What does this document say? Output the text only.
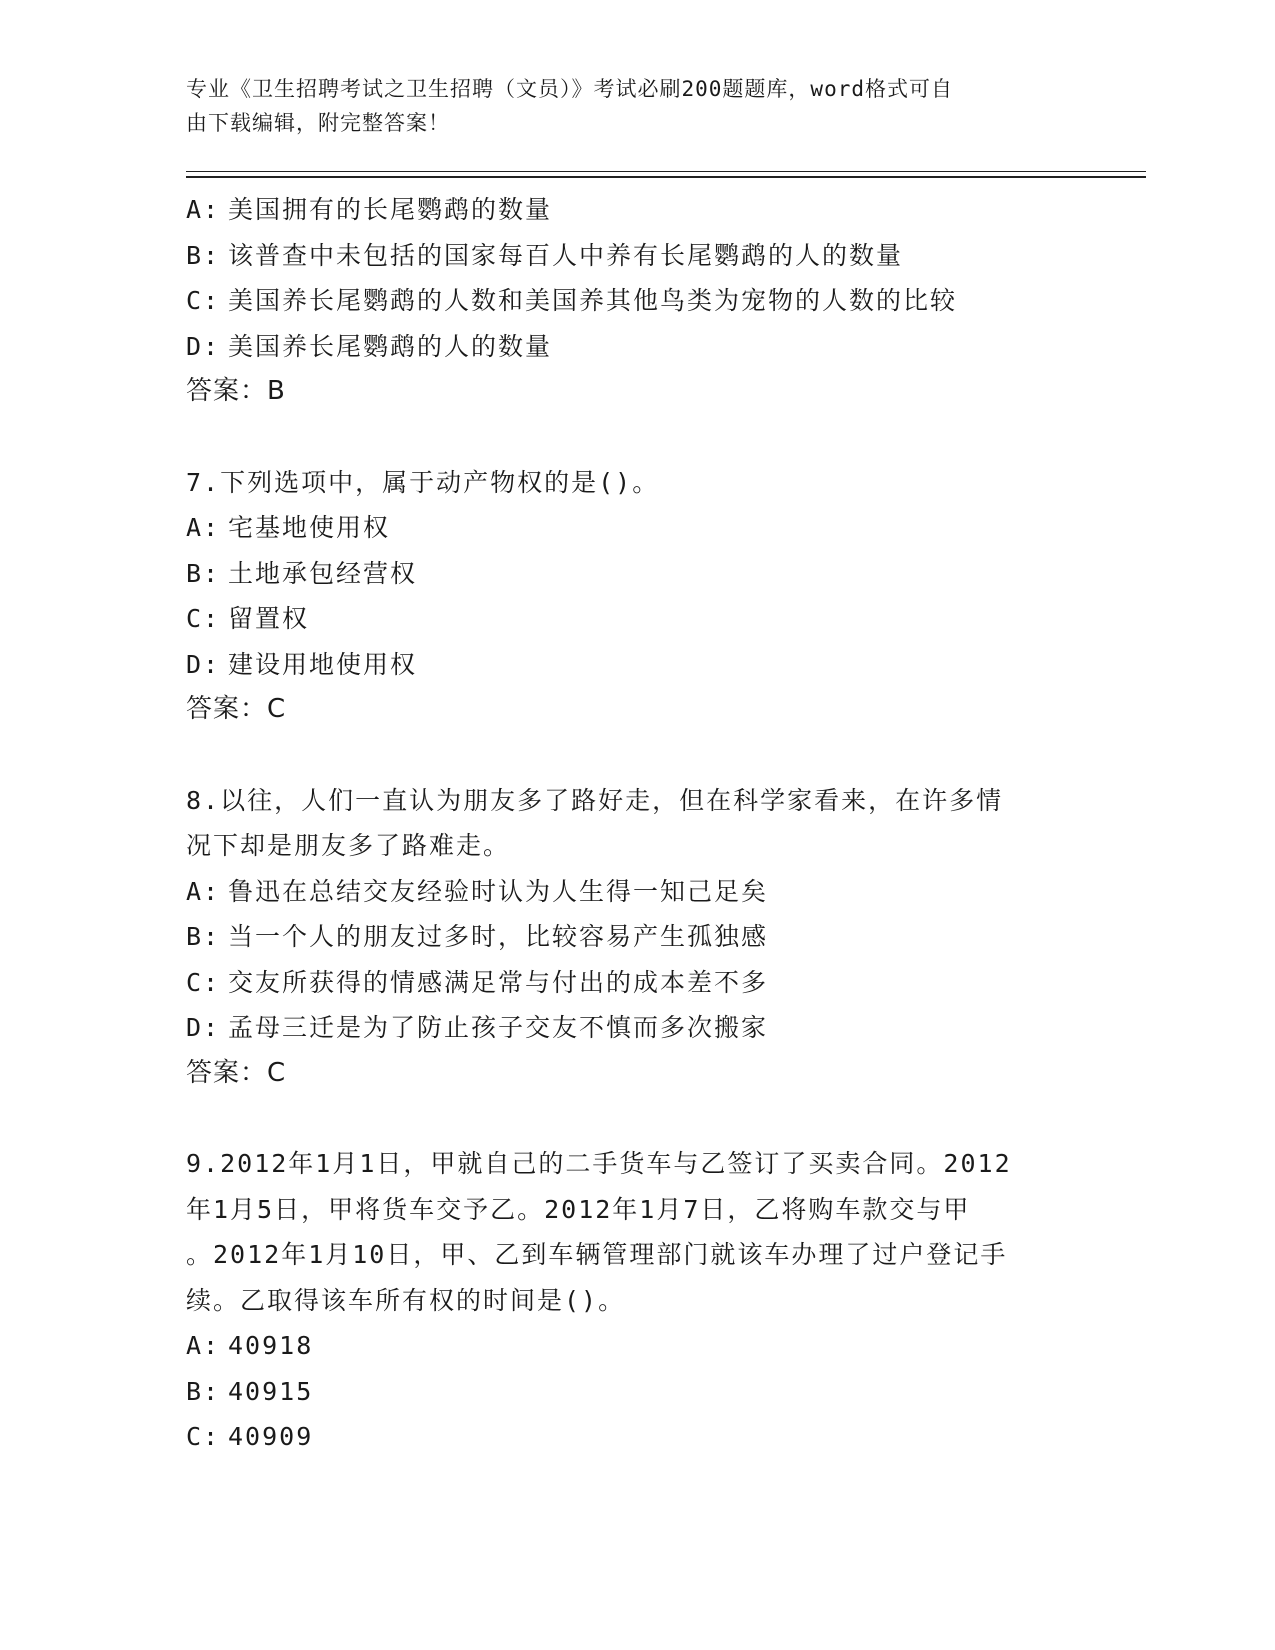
专业《卫生招聘考试之卫生招聘（文员）》考试必刷200题题库，word格式可自
由下载编辑，附完整答案！
A: 美国拥有的长尾鹦鹉的数量
B: 该普查中未包括的国家每百人中养有长尾鹦鹉的人的数量
C: 美国养长尾鹦鹉的人数和美国养其他鸟类为宠物的人数的比较
D: 美国养长尾鹦鹉的人的数量
答案：B
7.下列选项中，属于动产物权的是()。
A: 宅基地使用权
B: 土地承包经营权
C: 留置权
D: 建设用地使用权
答案：C
8.以往，人们一直认为朋友多了路好走，但在科学家看来，在许多情
况下却是朋友多了路难走。
A: 鲁迅在总结交友经验时认为人生得一知己足矣
B: 当一个人的朋友过多时，比较容易产生孤独感
C: 交友所获得的情感满足常与付出的成本差不多
D: 孟母三迁是为了防止孩子交友不慎而多次搬家
答案：C
9.2012年1月1日，甲就自己的二手货车与乙签订了买卖合同。2012
年1月5日，甲将货车交予乙。2012年1月7日，乙将购车款交与甲
。2012年1月10日，甲、乙到车辆管理部门就该车办理了过户登记手
续。乙取得该车所有权的时间是()。
A: 40918
B: 40915
C: 40909
